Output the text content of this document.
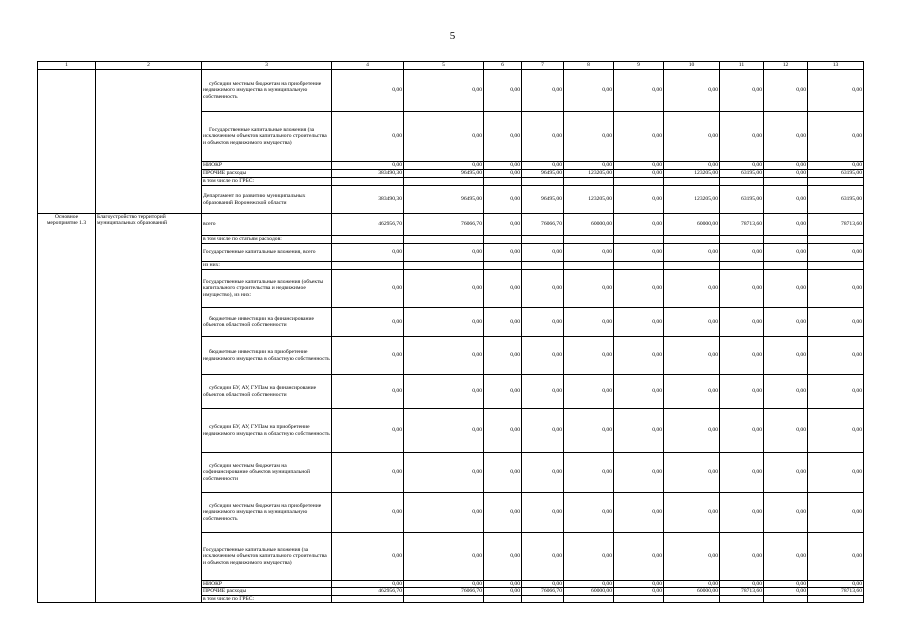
5
1	2	3	4	5	6	7	8	9	10	11	12	13
		субсидии местным бюджетам на приобретение недвижимого имущества в муниципальную собственность	0,00	0,00	0,00	0,00	0,00	0,00	0,00	0,00	0,00	0,00
		Государственные капитальные вложения (за исключением объектов капитального строительства и объектов недвижимого имущества)	0,00	0,00	0,00	0,00	0,00	0,00	0,00	0,00	0,00	0,00
		НИОКР	0,00	0,00	0,00	0,00	0,00	0,00	0,00	0,00	0,00	0,00
		ПРОЧИЕ расходы	383490,30	96495,00	0,00	96495,00	123205,00	0,00	123205,00	63195,00	0,00	63195,00
		в том числе по ГРБС:										
		Департамент по развитию муниципальных образований Воронежской области	383490,30	96495,00	0,00	96495,00	123205,00	0,00	123205,00	63195,00	0,00	63195,00
Основное мероприятие 1.3	Благоустройство территорий муниципальных образований	всего	462956,70	76066,70	0,00	76066,70	60000,00	0,00	60000,00	78713,60	0,00	78713,60
		в том числе по статьям расходов:										
		Государственные капитальные вложения, всего	0,00	0,00	0,00	0,00	0,00	0,00	0,00	0,00	0,00	0,00
		из них:										
		Государственные капитальные вложения (объекты капитального строительства и недвижимое имущество), из них:	0,00	0,00	0,00	0,00	0,00	0,00	0,00	0,00	0,00	0,00
		бюджетные инвестиции на финансирование объектов областной собственности	0,00	0,00	0,00	0,00	0,00	0,00	0,00	0,00	0,00	0,00
		бюджетные инвестиции на приобретение недвижимого имущества в областную собственность	0,00	0,00	0,00	0,00	0,00	0,00	0,00	0,00	0,00	0,00
		субсидии БУ, АУ, ГУПам на финансирование объектов областной собственности	0,00	0,00	0,00	0,00	0,00	0,00	0,00	0,00	0,00	0,00
		субсидии БУ, АУ, ГУПам на приобретение недвижимого имущества в областную собственность	0,00	0,00	0,00	0,00	0,00	0,00	0,00	0,00	0,00	0,00
		субсидии местным бюджетам на софинансирование объектов муниципальной собственности	0,00	0,00	0,00	0,00	0,00	0,00	0,00	0,00	0,00	0,00
		субсидии местным бюджетам на приобретение недвижимого имущества в муниципальную собственность	0,00	0,00	0,00	0,00	0,00	0,00	0,00	0,00	0,00	0,00
		Государственные капитальные вложения (за исключением объектов капитального строительства и объектов недвижимого имущества)	0,00	0,00	0,00	0,00	0,00	0,00	0,00	0,00	0,00	0,00
		НИОКР	0,00	0,00	0,00	0,00	0,00	0,00	0,00	0,00	0,00	0,00
		ПРОЧИЕ расходы	462956,70	76066,70	0,00	76066,70	60000,00	0,00	60000,00	78713,60	0,00	78713,60
		в том числе по ГРБС:										
